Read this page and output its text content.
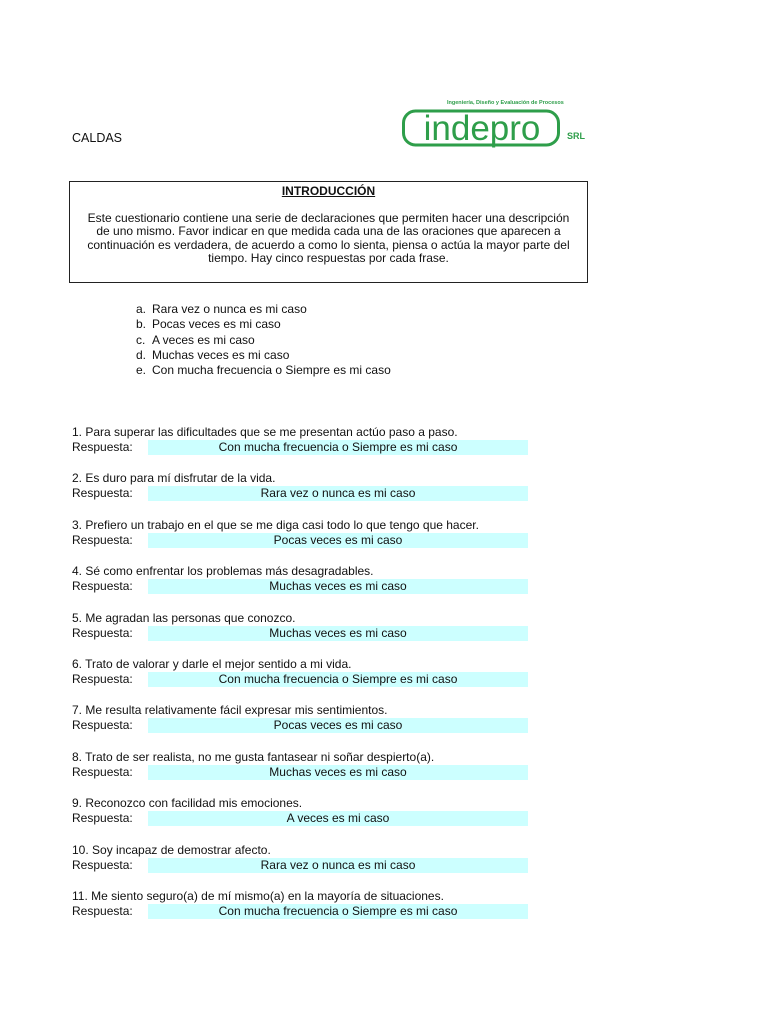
CALDAS	indepro
Ingeniería, Diseño y Evaluación de Procesos
SRL
INTRODUCCIÓN

Este cuestionario contiene una serie de declaraciones que permiten hacer una descripción de uno mismo. Favor indicar en que medida cada una de las oraciones que aparecen a continuación es verdadera, de acuerdo a como lo sienta, piensa o actúa la mayor parte del tiempo. Hay cinco respuestas por cada frase.

a. Rara vez o nunca es mi caso
b. Pocas veces es mi caso
c. A veces es mi caso
d. Muchas veces es mi caso
e. Con mucha frecuencia o Siempre es mi caso
1. Para superar las dificultades que se me presentan actúo paso a paso.
Respuesta:	Con mucha frecuencia o Siempre es mi caso
2. Es duro para mí disfrutar de la vida.
Respuesta:	Rara vez o nunca es mi caso
3. Prefiero un trabajo en el que se me diga casi todo lo que tengo que hacer.
Respuesta:	Pocas veces es mi caso
4. Sé como enfrentar los problemas más desagradables.
Respuesta:	Muchas veces es mi caso
5. Me agradan las personas que conozco.
Respuesta:	Muchas veces es mi caso
6. Trato de valorar y darle el mejor sentido a mi vida.
Respuesta:	Con mucha frecuencia o Siempre es mi caso
7. Me resulta relativamente fácil expresar mis sentimientos.
Respuesta:	Pocas veces es mi caso
8. Trato de ser realista, no me gusta fantasear ni soñar despierto(a).
Respuesta:	Muchas veces es mi caso
9. Reconozco con facilidad mis emociones.
Respuesta:	A veces es mi caso
10. Soy incapaz de demostrar afecto.
Respuesta:	Rara vez o nunca es mi caso
11. Me siento seguro(a) de mí mismo(a) en la mayoría de situaciones.
Respuesta:	Con mucha frecuencia o Siempre es mi caso
